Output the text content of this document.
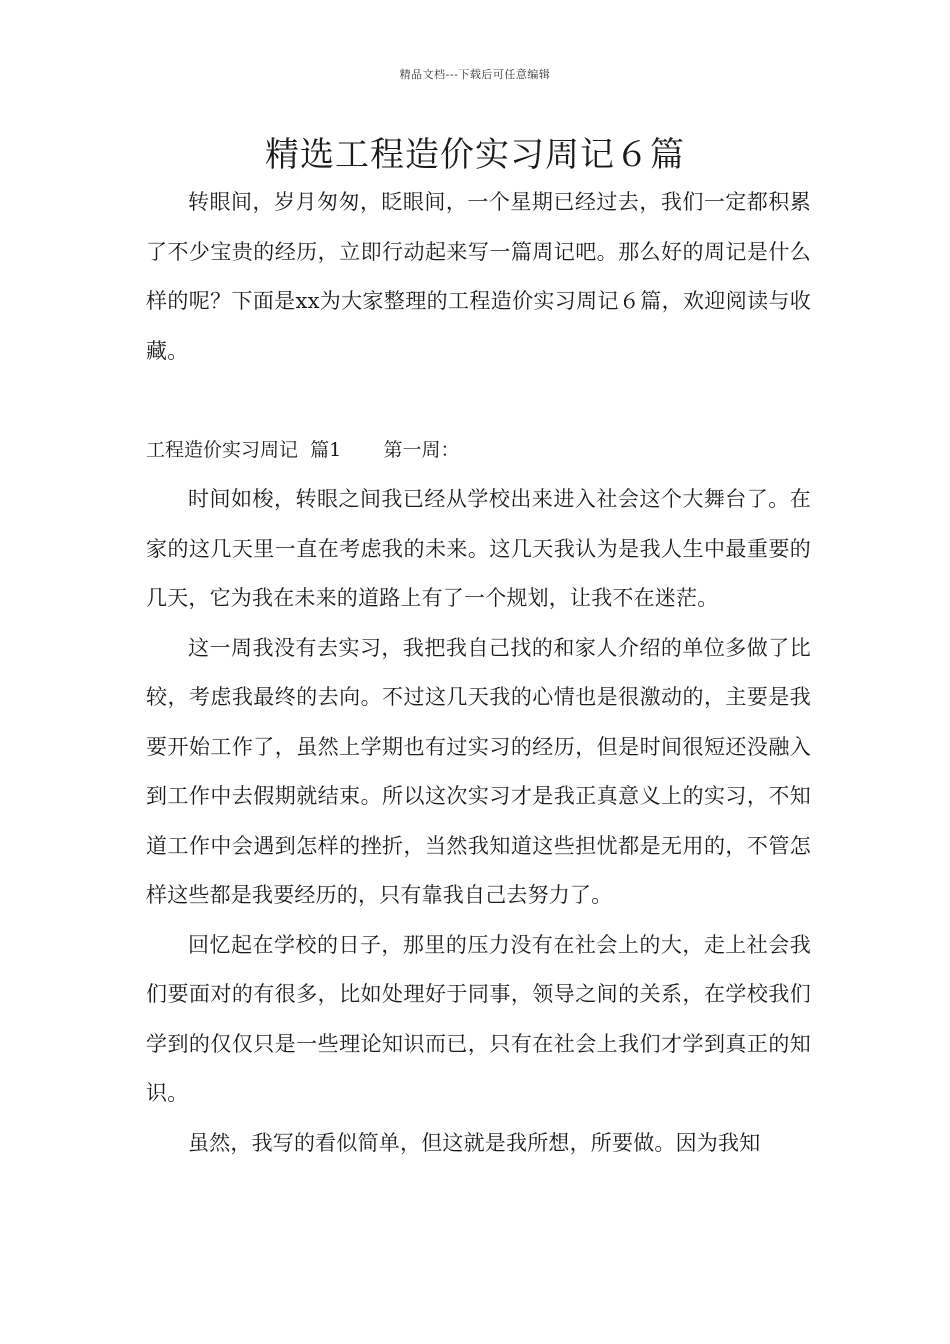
精品文档---下载后可任意编辑
精选工程造价实习周记６篇

转眼间，岁月匆匆，眨眼间，一个星期已经过去，我们一定都积累了不少宝贵的经历，立即行动起来写一篇周记吧。那么好的周记是什么样的呢？下面是xx为大家整理的工程造价实习周记６篇，欢迎阅读与收藏。

工程造价实习周记  篇1       第一周：

时间如梭，转眼之间我已经从学校出来进入社会这个大舞台了。在家的这几天里一直在考虑我的未来。这几天我认为是我人生中最重要的几天，它为我在未来的道路上有了一个规划，让我不在迷茫。

这一周我没有去实习，我把我自己找的和家人介绍的单位多做了比较，考虑我最终的去向。不过这几天我的心情也是很激动的，主要是我要开始工作了，虽然上学期也有过实习的经历，但是时间很短还没融入到工作中去假期就结束。所以这次实习才是我正真意义上的实习，不知道工作中会遇到怎样的挫折，当然我知道这些担忧都是无用的，不管怎样这些都是我要经历的，只有靠我自己去努力了。

回忆起在学校的日子，那里的压力没有在社会上的大，走上社会我们要面对的有很多，比如处理好于同事，领导之间的关系，在学校我们学到的仅仅只是一些理论知识而已，只有在社会上我们才学到真正的知识。

虽然，我写的看似简单，但这就是我所想，所要做。因为我知
